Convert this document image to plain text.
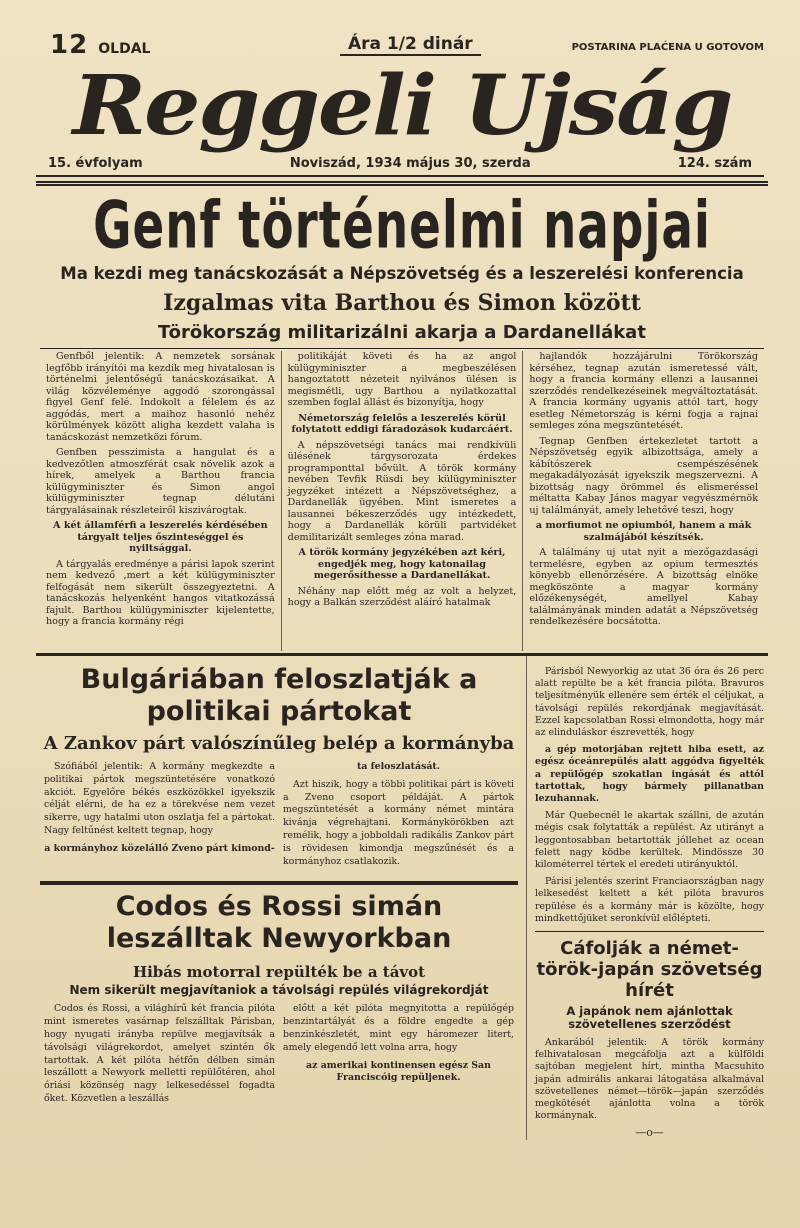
12 OLDAL	Ára 1/2 dinár	POSTARINA PLAĆENA U GOTOVOM
Reggeli Ujság
15. évfolyam	Noviszád, 1934 május 30, szerda	124. szám
Genf történelmi napjai
Ma kezdi meg tanácskozását a Népszövetség és a leszerelési konferencia
Izgalmas vita Barthou és Simon között
Törökország militarizálni akarja a Dardanellákat

Genfből jelentik: A nemzetek sorsának legfőbb irányítói ma kezdik meg hivatalosan is történelmi jelentőségű tanácskozásaikat. A világ közvéleménye aggodó szorongással figyel Genf felé. Indokolt a félelem és az aggódás, mert a maihoz hasonló nehéz körülmények között aligha kezdett valaha is tanácskozást nemzetközi fórum.

Genfben pesszimista a hangulat és a kedvezőtlen atmoszférát csak növelik azok a hírek, amelyek a Barthou francia külügyminiszter és Simon angol külügyminiszter tegnap délutáni tárgyalásainak részleteiről kiszivárogtak.

A két államférfi a leszerelés kérdésében tárgyalt teljes őszinteséggel és nyiltsággal.

A tárgyalás eredménye a párisi lapok szerint nem kedvező ,mert a két külügyminiszter felfogását nem sikerült összegyeztetni. A tanácskozás helyenként hangos vitatkozássá fajult. Barthou külügyminiszter kijelentette, hogy a francia kormány régi

politikáját követi és ha az angol külügyminiszter a megbeszélésen hangoztatott nézeteit nyilvános ülésen is megismétli, ugy Barthou a nyilatkozattal szemben foglal állást és bizonyítja, hogy

Németország felelős a leszerelés körül folytatott eddigi fáradozások kudarcáért.

A népszövetségi tanács mai rendkívüli ülésének tárgysorozata érdekes programponttal bővült. A török kormány nevében Tevfik Rüsdi bey külügyminiszter jegyzéket intézett a Népszövetséghez, a Dardanellák ügyében. Mint ismeretes a lausannei békeszerződés ugy intézkedett, hogy a Dardanellák körüli partvidéket demilitarizált semleges zóna marad.

A török kormány jegyzékében azt kéri, engedjék meg, hogy katonailag megerősíthesse a Dardanellákat.

Néhány nap előtt még az volt a helyzet, hogy a Balkán szerződést aláíró hatalmak

hajlandók hozzájárulni Törökország kérséhez, tegnap azután ismeretessé vált, hogy a francia kormány ellenzi a lausannei szerződés rendelkezéseinek megváltoztatását. A francia kormány ugyanis attól tart, hogy esetleg Németország is kérni fogja a rajnai semleges zóna megszüntetését.

Tegnap Genfben értekezletet tartott a Népszövetség egyik albizottsága, amely a kábítószerek csempészésének megakadályozását igyekszik megszervezni. A bizottság nagy örömmel és elismeréssel méltatta Kabay János magyar vegyészmérnök uj találmányát, amely lehetővé teszi, hogy

a morfiumot ne opiumból, hanem a mák szalmájából készítsék.

A találmány uj utat nyit a mezőgazdasági termelésre, egyben az opium termesztés könyebb ellenőrzésére. A bizottság elnöke megköszönte a magyar kormány előzékenységét, amellyel Kabay találmányának minden adatát a Népszövetség rendelkezésére bocsátotta.

Bulgáriában feloszlatják a politikai pártokat
A Zankov párt valószínűleg belép a kormányba

Szófiából jelentik: A kormány megkezdte a politikai pártok megszüntetésére vonatkozó akciót. Egyelőre békés eszközökkel igyekszik célját elérni, de ha ez a törekvése nem vezet sikerre, ugy hatalmi uton oszlatja fel a pártokat. Nagy feltűnést keltett tegnap, hogy

a kormányhoz közelálló Zveno párt kimond-

ta feloszlatását.

Azt hiszik, hogy a többi politikai párt is követi a Zveno csoport példáját. A pártok megszüntetését a kormány német mintára kivánja végrehajtani. Kormánykörökben azt remélik, hogy a jobboldali radikális Zankov párt is rövidesen kimondja megszűnését és a kormányhoz csatlakozik.

Codos és Rossi simán leszálltak Newyorkban
Hibás motorral repülték be a távot
Nem sikerült megjavítaniok a távolsági repülés világrekordját

Codos és Rossi, a világhírű két francia pilóta mint ismeretes vasárnap felszálltak Párisban, hogy nyugati irányba repülve megjavítsák a távolsági világrekordot, amelyet szintén ők tartottak. A két pilóta hétfőn délben simán leszállott a Newyork melletti repülőtéren, ahol óriási közönség nagy lelkesedéssel fogadta őket. Közvetlen a leszállás

előtt a két pilóta megnyitotta a repülőgép benzintartályát és a földre engedte a gép benzinkészletét, mint egy háromezer litert, amely elegendő lett volna arra, hogy

az amerikai kontinensen egész San Franciscóig repüljenek.

Párisból Newyorkig az utat 36 óra és 26 perc alatt repülte be a két francia pilóta. Bravuros teljesítményük ellenére sem érték el céljukat, a távolsági repülés rekordjának megjavítását. Ezzel kapcsolatban Rossi elmondotta, hogy már az elinduláskor észrevették, hogy

a gép motorjában rejtett hiba esett, az egész óceánrepülés alatt aggódva figyelték a repülőgép szokatlan ingását és attól tartottak, hogy bármely pillanatban lezuhannak.

Már Quebecnél le akartak szállni, de azután mégis csak folytatták a repülést. Az utirányt a leggontosabban betartották jóllehet az ocean felett nagy ködbe kerültek. Mindössze 30 kilométerrel tértek el eredeti utirányuktól.

Párisi jelentés szerint Franciaországban nagy lelkesedést keltett a két pilóta bravuros repülése és a kormány már is közölte, hogy mindkettőjüket seronkívül előlépteti.

Cáfolják a német-török-japán szövetség hírét
A japánok nem ajánlottak szövetellenes szerződést

Ankarából jelentik: A török kormány felhivatalosan megcáfolja azt a külföldi sajtóban megjelent hírt, mintha Macsuhito japán admirális ankarai látogatása alkalmával szövetellenes német—török—japán szerződés megkötését ajánlotta volna a török kormánynak.

—o—
